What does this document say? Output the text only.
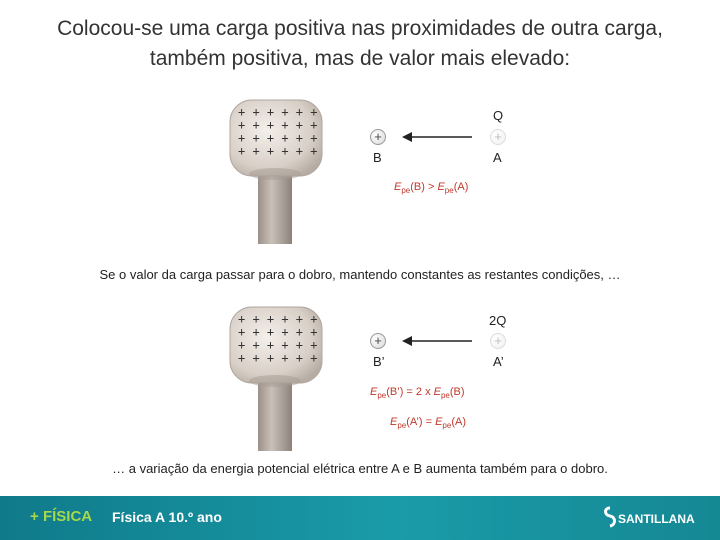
Colocou-se uma carga positiva nas proximidades de outra carga,
também positiva, mas de valor mais elevado:
+ + + + + +
+ + + + + +
+ + + + + +
+ + + + + +
Q
+	+
B	A
$E_{pe}(B) > E_{pe}(A)$
Se o valor da carga passar para o dobro, mantendo constantes as restantes condições, …
+ + + + + +
+ + + + + +
+ + + + + +
+ + + + + +
2Q
+	+
B’	A’
$E_{pe}(B’) = 2$ x $E_{pe}(B)$
$E_{pe}(A’) = E_{pe}(A)$
… a variação da energia potencial elétrica entre A e B aumenta também para o dobro.
+ FÍSICA Física A 10.º ano	SANTILLANA
